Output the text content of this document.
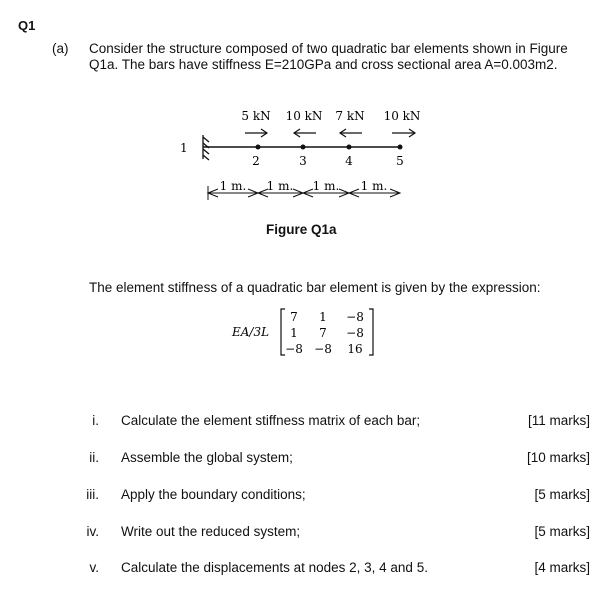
Q1
(a) Consider the structure composed of two quadratic bar elements shown in Figure
Q1a. The bars have stiffness E=210GPa and cross sectional area A=0.003m2.
1
5 kN 10 kN 7 kN 10 kN
2	3	4	5
1 m. 1 m. 1 m. 1 m.
Figure Q1a
The element stiffness of a quadratic bar element is given by the expression:
EA/3L
7 1 −8
1 7 −8
−8 −8 16
i. Calculate the element stiffness matrix of each bar;	[11 marks]
ii. Assemble the global system;	[10 marks]
iii. Apply the boundary conditions;	[5 marks]
iv. Write out the reduced system;	[5 marks]
v. Calculate the displacements at nodes 2, 3, 4 and 5.	[4 marks]
